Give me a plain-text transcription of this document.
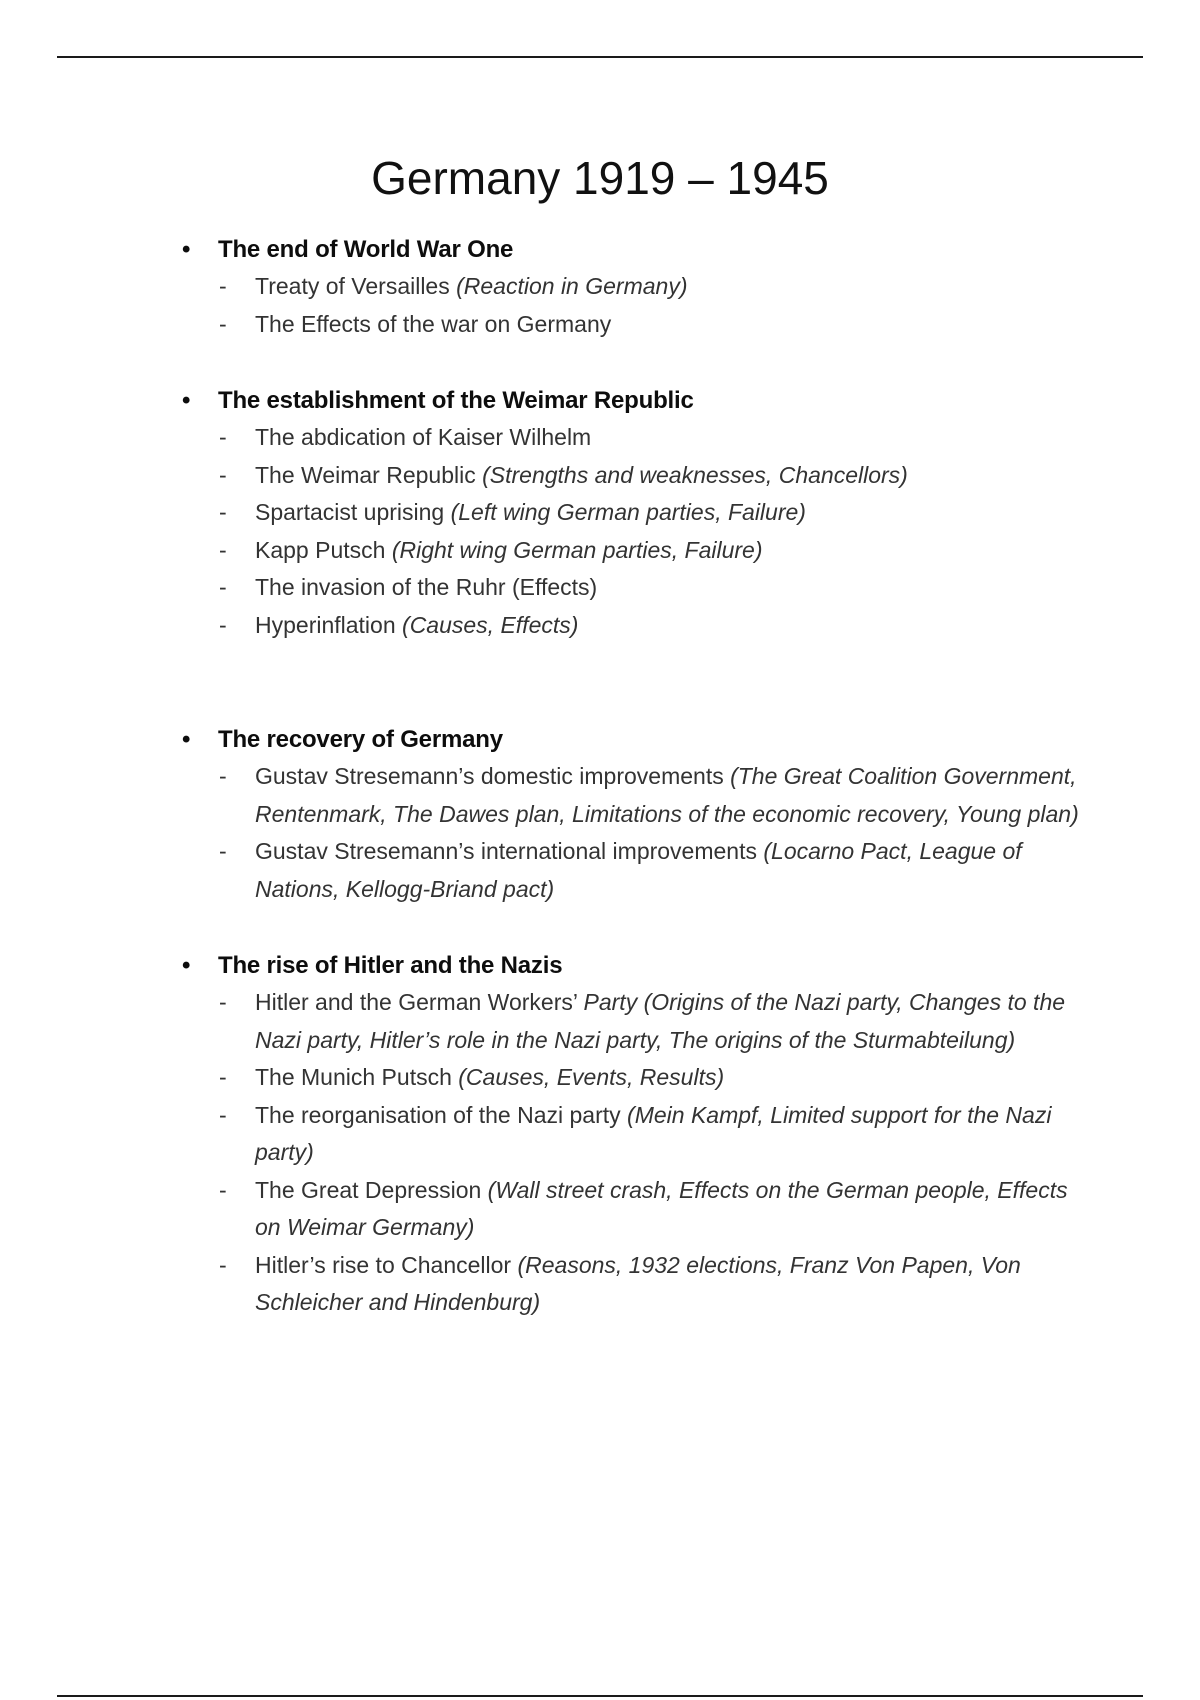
Germany 1919 – 1945
• The end of World War One
- Treaty of Versailles (Reaction in Germany)
- The Effects of the war on Germany
• The establishment of the Weimar Republic
- The abdication of Kaiser Wilhelm
- The Weimar Republic (Strengths and weaknesses, Chancellors)
- Spartacist uprising (Left wing German parties, Failure)
- Kapp Putsch (Right wing German parties, Failure)
- The invasion of the Ruhr (Effects)
- Hyperinflation (Causes, Effects)
• The recovery of Germany
- Gustav Stresemann’s domestic improvements (The Great Coalition Government, Rentenmark, The Dawes plan, Limitations of the economic recovery, Young plan)
- Gustav Stresemann’s international improvements (Locarno Pact, League of Nations, Kellogg-Briand pact)
• The rise of Hitler and the Nazis
- Hitler and the German Workers’ Party (Origins of the Nazi party, Changes to the Nazi party, Hitler’s role in the Nazi party, The origins of the Sturmabteilung)
- The Munich Putsch (Causes, Events, Results)
- The reorganisation of the Nazi party (Mein Kampf, Limited support for the Nazi party)
- The Great Depression (Wall street crash, Effects on the German people, Effects on Weimar Germany)
- Hitler’s rise to Chancellor (Reasons, 1932 elections, Franz Von Papen, Von Schleicher and Hindenburg)
